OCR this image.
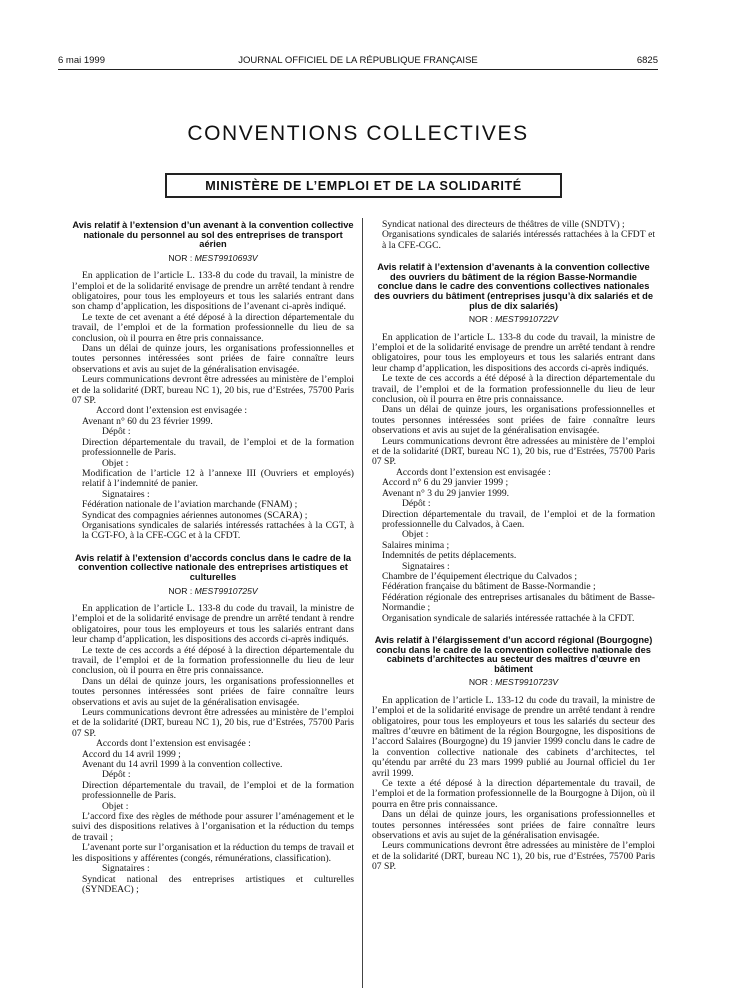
6 mai 1999	JOURNAL OFFICIEL DE LA RÉPUBLIQUE FRANÇAISE	6825
CONVENTIONS COLLECTIVES
MINISTÈRE DE L’EMPLOI ET DE LA SOLIDARITÉ

Avis relatif à l’extension d’un avenant à la convention collective nationale du personnel au sol des entreprises de transport aérien

NOR : MEST9910693V

En application de l’article L. 133-8 du code du travail, la ministre de l’emploi et de la solidarité envisage de prendre un arrêté tendant à rendre obligatoires, pour tous les employeurs et tous les salariés entrant dans son champ d’application, les dispositions de l’avenant ci-après indiqué.

Le texte de cet avenant a été déposé à la direction départementale du travail, de l’emploi et de la formation professionnelle du lieu de sa conclusion, où il pourra en être pris connaissance.

Dans un délai de quinze jours, les organisations professionnelles et toutes personnes intéressées sont priées de faire connaître leurs observations et avis au sujet de la généralisation envisagée.

Leurs communications devront être adressées au ministère de l’emploi et de la solidarité (DRT, bureau NC 1), 20 bis, rue d’Estrées, 75700 Paris 07 SP.

Accord dont l’extension est envisagée :

Avenant n° 60 du 23 février 1999.

Dépôt :

Direction départementale du travail, de l’emploi et de la formation professionnelle de Paris.

Objet :

Modification de l’article 12 à l’annexe III (Ouvriers et employés) relatif à l’indemnité de panier.

Signataires :

Fédération nationale de l’aviation marchande (FNAM) ;

Syndicat des compagnies aériennes autonomes (SCARA) ;

Organisations syndicales de salariés intéressés rattachées à la CGT, à la CGT-FO, à la CFE-CGC et à la CFDT.

Avis relatif à l’extension d’accords conclus dans le cadre de la convention collective nationale des entreprises artistiques et culturelles

NOR : MEST9910725V

En application de l’article L. 133-8 du code du travail, la ministre de l’emploi et de la solidarité envisage de prendre un arrêté tendant à rendre obligatoires, pour tous les employeurs et tous les salariés entrant dans leur champ d’application, les dispositions des accords ci-après indiqués.

Le texte de ces accords a été déposé à la direction départementale du travail, de l’emploi et de la formation professionnelle du lieu de leur conclusion, où il pourra en être pris connaissance.

Dans un délai de quinze jours, les organisations professionnelles et toutes personnes intéressées sont priées de faire connaître leurs observations et avis au sujet de la généralisation envisagée.

Leurs communications devront être adressées au ministère de l’emploi et de la solidarité (DRT, bureau NC 1), 20 bis, rue d’Estrées, 75700 Paris 07 SP.

Accords dont l’extension est envisagée :

Accord du 14 avril 1999 ;

Avenant du 14 avril 1999 à la convention collective.

Dépôt :

Direction départementale du travail, de l’emploi et de la formation professionnelle de Paris.

Objet :

L’accord fixe des règles de méthode pour assurer l’aménagement et le suivi des dispositions relatives à l’organisation et la réduction du temps de travail ;

L’avenant porte sur l’organisation et la réduction du temps de travail et les dispositions y afférentes (congés, rémunérations, classification).

Signataires :

Syndicat national des entreprises artistiques et culturelles (SYNDEAC) ;

Syndicat national des directeurs de théâtres de ville (SNDTV) ;

Organisations syndicales de salariés intéressés rattachées à la CFDT et à la CFE-CGC.

Avis relatif à l’extension d’avenants à la convention collective des ouvriers du bâtiment de la région Basse-Normandie conclue dans le cadre des conventions collectives nationales des ouvriers du bâtiment (entreprises jusqu’à dix salariés et de plus de dix salariés)

NOR : MEST9910722V

En application de l’article L. 133-8 du code du travail, la ministre de l’emploi et de la solidarité envisage de prendre un arrêté tendant à rendre obligatoires, pour tous les employeurs et tous les salariés entrant dans leur champ d’application, les dispositions des accords ci-après indiqués.

Le texte de ces accords a été déposé à la direction départementale du travail, de l’emploi et de la formation professionnelle du lieu de leur conclusion, où il pourra en être pris connaissance.

Dans un délai de quinze jours, les organisations professionnelles et toutes personnes intéressées sont priées de faire connaître leurs observations et avis au sujet de la généralisation envisagée.

Leurs communications devront être adressées au ministère de l’emploi et de la solidarité (DRT, bureau NC 1), 20 bis, rue d’Estrées, 75700 Paris 07 SP.

Accords dont l’extension est envisagée :

Accord n° 6 du 29 janvier 1999 ;

Avenant n° 3 du 29 janvier 1999.

Dépôt :

Direction départementale du travail, de l’emploi et de la formation professionnelle du Calvados, à Caen.

Objet :

Salaires minima ;

Indemnités de petits déplacements.

Signataires :

Chambre de l’équipement électrique du Calvados ;

Fédération française du bâtiment de Basse-Normandie ;

Fédération régionale des entreprises artisanales du bâtiment de Basse-Normandie ;

Organisation syndicale de salariés intéressée rattachée à la CFDT.

Avis relatif à l’élargissement d’un accord régional (Bourgogne) conclu dans le cadre de la convention collective nationale des cabinets d’architectes au secteur des maîtres d’œuvre en bâtiment

NOR : MEST9910723V

En application de l’article L. 133-12 du code du travail, la ministre de l’emploi et de la solidarité envisage de prendre un arrêté tendant à rendre obligatoires, pour tous les employeurs et tous les salariés du secteur des maîtres d’œuvre en bâtiment de la région Bourgogne, les dispositions de l’accord Salaires (Bourgogne) du 19 janvier 1999 conclu dans le cadre de la convention collective nationale des cabinets d’architectes, tel qu’étendu par arrêté du 23 mars 1999 publié au Journal officiel du 1er avril 1999.

Ce texte a été déposé à la direction départementale du travail, de l’emploi et de la formation professionnelle de la Bourgogne à Dijon, où il pourra en être pris connaissance.

Dans un délai de quinze jours, les organisations professionnelles et toutes personnes intéressées sont priées de faire connaître leurs observations et avis au sujet de la généralisation envisagée.

Leurs communications devront être adressées au ministère de l’emploi et de la solidarité (DRT, bureau NC 1), 20 bis, rue d’Estrées, 75700 Paris 07 SP.
